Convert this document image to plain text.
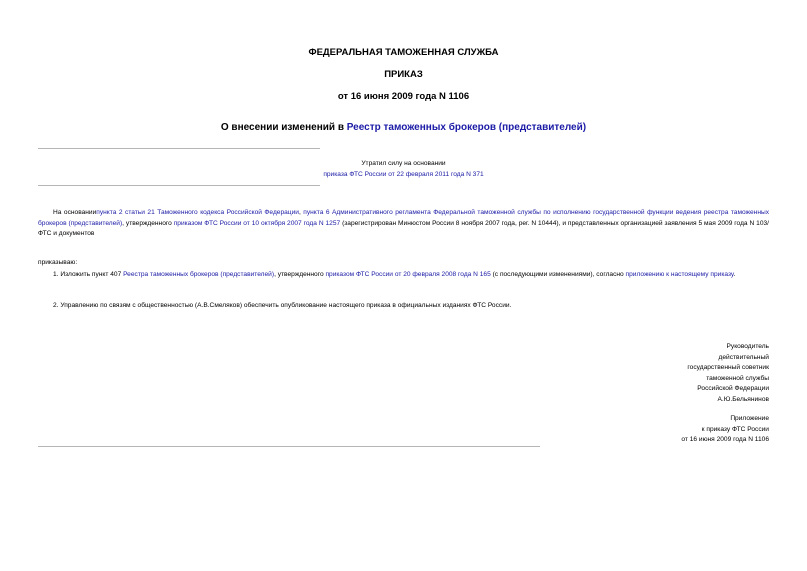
ФЕДЕРАЛЬНАЯ ТАМОЖЕННАЯ СЛУЖБА
ПРИКАЗ
от 16 июня 2009 года N 1106
О внесении изменений в Реестр таможенных брокеров (представителей)
Утратил силу на основании
приказа ФТС России от 22 февраля 2011 года N 371
На основаниипункта 2 статьи 21 Таможенного кодекса Российской Федерации, пункта 6 Административного регламента Федеральной таможенной службы по исполнению государственной функции ведения реестра таможенных брокеров (представителей), утвержденного приказом ФТС России от 10 октября 2007 года N 1257 (зарегистрирован Минюстом России 8 ноября 2007 года, рег. N 10444), и представленных организацией заявления 5 мая 2009 года N 103/ФТС и документов
приказываю:
1. Изложить пункт 407 Реестра таможенных брокеров (представителей), утвержденного приказом ФТС России от 20 февраля 2008 года N 165 (с последующими изменениями), согласно приложению к настоящему приказу.
2. Управлению по связям с общественностью (А.В.Смеляков) обеспечить опубликование настоящего приказа в официальных изданиях ФТС России.
Руководитель
действительный
государственный советник
таможенной службы
Российской Федерации
А.Ю.Бельянинов
Приложение
к приказу ФТС России
от 16 июня 2009 года N 1106
